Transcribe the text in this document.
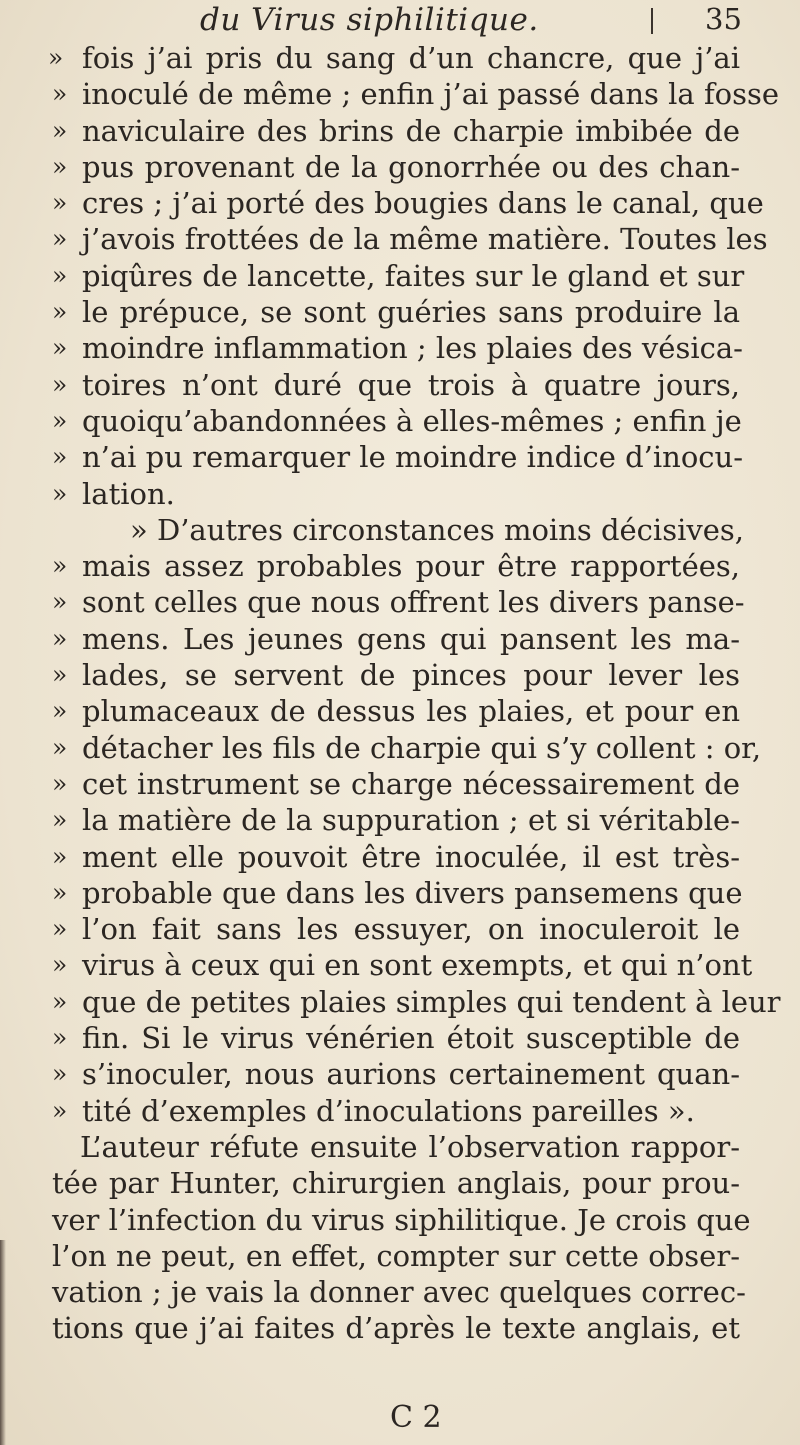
du Virus siphilitique.	35
» fois j’ai pris du sang d’un chancre, que j’ai
» inoculé de même ; enfin j’ai passé dans la fosse
» naviculaire des brins de charpie imbibée de
» pus provenant de la gonorrhée ou des chan-
» cres ; j’ai porté des bougies dans le canal, que
» j’avois frottées de la même matière. Toutes les
» piqûres de lancette, faites sur le gland et sur
» le prépuce, se sont guéries sans produire la
» moindre inflammation ; les plaies des vésica-
» toires n’ont duré que trois à quatre jours,
» quoiqu’abandonnées à elles-mêmes ; enfin je
» n’ai pu remarquer le moindre indice d’inocu-
» lation.
» D’autres circonstances moins décisives,
» mais assez probables pour être rapportées,
» sont celles que nous offrent les divers panse-
» mens. Les jeunes gens qui pansent les ma-
» lades, se servent de pinces pour lever les
» plumaceaux de dessus les plaies, et pour en
» détacher les fils de charpie qui s’y collent : or,
» cet instrument se charge nécessairement de
» la matière de la suppuration ; et si véritable-
» ment elle pouvoit être inoculée, il est très-
» probable que dans les divers pansemens que
» l’on fait sans les essuyer, on inoculeroit le
» virus à ceux qui en sont exempts, et qui n’ont
» que de petites plaies simples qui tendent à leur
» fin. Si le virus vénérien étoit susceptible de
» s’inoculer, nous aurions certainement quan-
» tité d’exemples d’inoculations pareilles ».
L’auteur réfute ensuite l’observation rappor-
tée par Hunter, chirurgien anglais, pour prou-
ver l’infection du virus siphilitique. Je crois que
l’on ne peut, en effet, compter sur cette obser-
vation ; je vais la donner avec quelques correc-
tions que j’ai faites d’après le texte anglais, et
C 2
